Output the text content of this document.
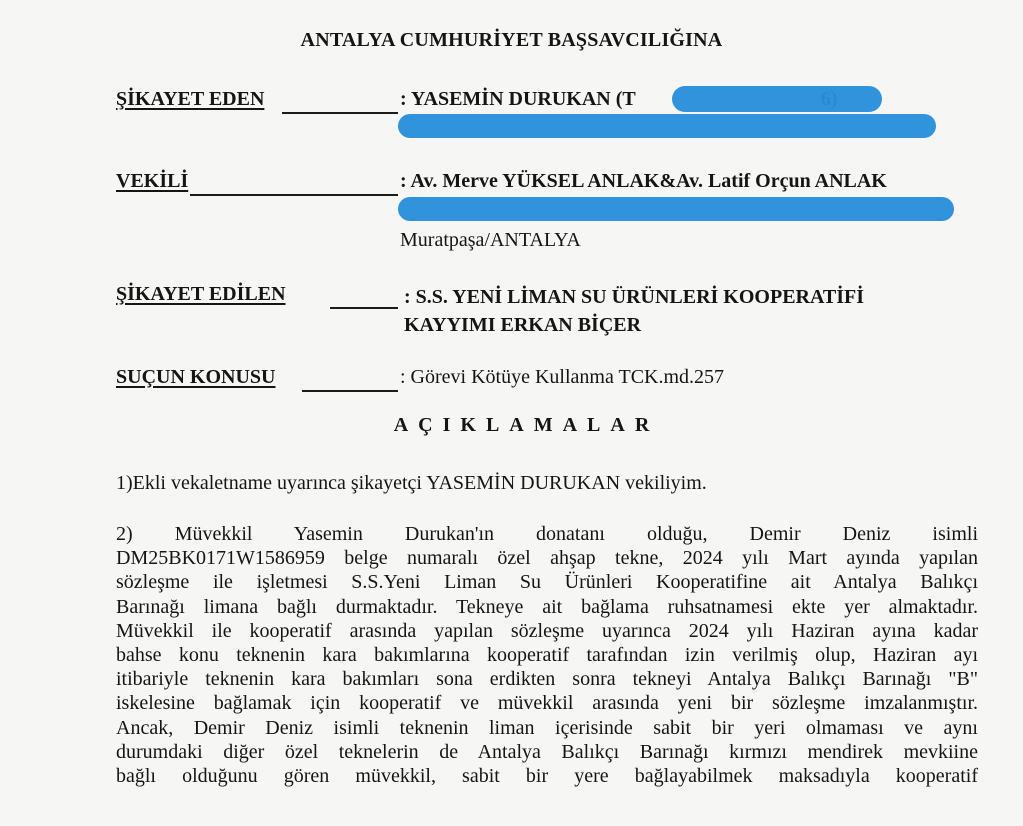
ANTALYA CUMHURİYET BAŞSAVCILIĞINA
ŞİKAYET EDEN	: YASEMİN DURUKAN (T
VEKİLİ	: Av. Merve YÜKSEL ANLAK&Av. Latif Orçun ANLAK
Muratpaşa/ANTALYA
ŞİKAYET EDİLEN	: S.S. YENİ LİMAN SU ÜRÜNLERİ KOOPERATİFİ
KAYYIMI ERKAN BİÇER
SUÇUN KONUSU	: Görevi Kötüye Kullanma TCK.md.257
AÇIKLAMALAR
1)Ekli vekaletname uyarınca şikayetçi YASEMİN DURUKAN vekiliyim.
2) Müvekkil Yasemin Durukan'ın donatanı olduğu, Demir Deniz isimli
DM25BK0171W1586959 belge numaralı özel ahşap tekne, 2024 yılı Mart ayında yapılan
sözleşme ile işletmesi S.S.Yeni Liman Su Ürünleri Kooperatifine ait Antalya Balıkçı
Barınağı limana bağlı durmaktadır. Tekneye ait bağlama ruhsatnamesi ekte yer almaktadır.
Müvekkil ile kooperatif arasında yapılan sözleşme uyarınca 2024 yılı Haziran ayına kadar
bahse konu teknenin kara bakımlarına kooperatif tarafından izin verilmiş olup, Haziran ayı
itibariyle teknenin kara bakımları sona erdikten sonra tekneyi Antalya Balıkçı Barınağı "B"
iskelesine bağlamak için kooperatif ve müvekkil arasında yeni bir sözleşme imzalanmıştır.
Ancak, Demir Deniz isimli teknenin liman içerisinde sabit bir yeri olmaması ve aynı
durumdaki diğer özel teknelerin de Antalya Balıkçı Barınağı kırmızı mendirek mevkiine
bağlı olduğunu gören müvekkil, sabit bir yere bağlayabilmek maksadıyla kooperatif
